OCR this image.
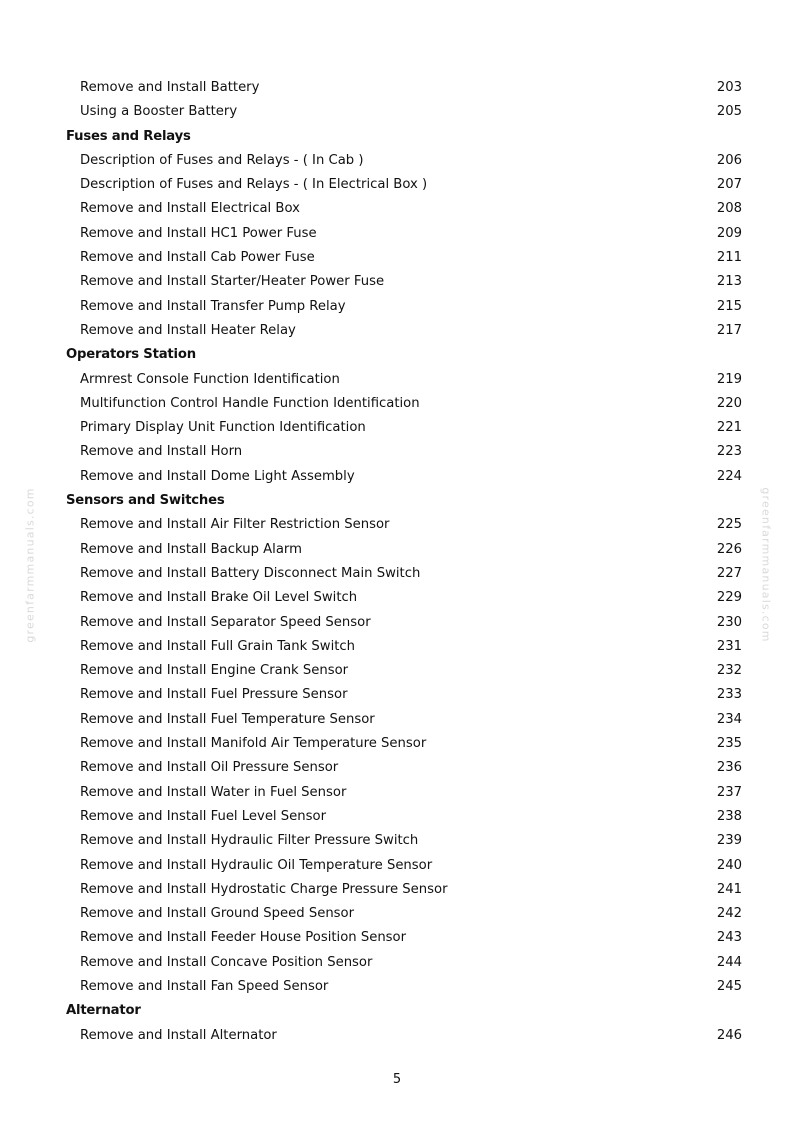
greenfarmmanuals.com	greenfarmmanuals.com
Remove and Install Battery	203
Using a Booster Battery	205
Fuses and Relays
Description of Fuses and Relays - ( In Cab )	206
Description of Fuses and Relays - ( In Electrical Box )	207
Remove and Install Electrical Box	208
Remove and Install HC1 Power Fuse	209
Remove and Install Cab Power Fuse	211
Remove and Install Starter/Heater Power Fuse	213
Remove and Install Transfer Pump Relay	215
Remove and Install Heater Relay	217
Operators Station
Armrest Console Function Identification	219
Multifunction Control Handle Function Identification	220
Primary Display Unit Function Identification	221
Remove and Install Horn	223
Remove and Install Dome Light Assembly	224
Sensors and Switches
Remove and Install Air Filter Restriction Sensor	225
Remove and Install Backup Alarm	226
Remove and Install Battery Disconnect Main Switch	227
Remove and Install Brake Oil Level Switch	229
Remove and Install Separator Speed Sensor	230
Remove and Install Full Grain Tank Switch	231
Remove and Install Engine Crank Sensor	232
Remove and Install Fuel Pressure Sensor	233
Remove and Install Fuel Temperature Sensor	234
Remove and Install Manifold Air Temperature Sensor	235
Remove and Install Oil Pressure Sensor	236
Remove and Install Water in Fuel Sensor	237
Remove and Install Fuel Level Sensor	238
Remove and Install Hydraulic Filter Pressure Switch	239
Remove and Install Hydraulic Oil Temperature Sensor	240
Remove and Install Hydrostatic Charge Pressure Sensor	241
Remove and Install Ground Speed Sensor	242
Remove and Install Feeder House Position Sensor	243
Remove and Install Concave Position Sensor	244
Remove and Install Fan Speed Sensor	245
Alternator
Remove and Install Alternator	246
5
